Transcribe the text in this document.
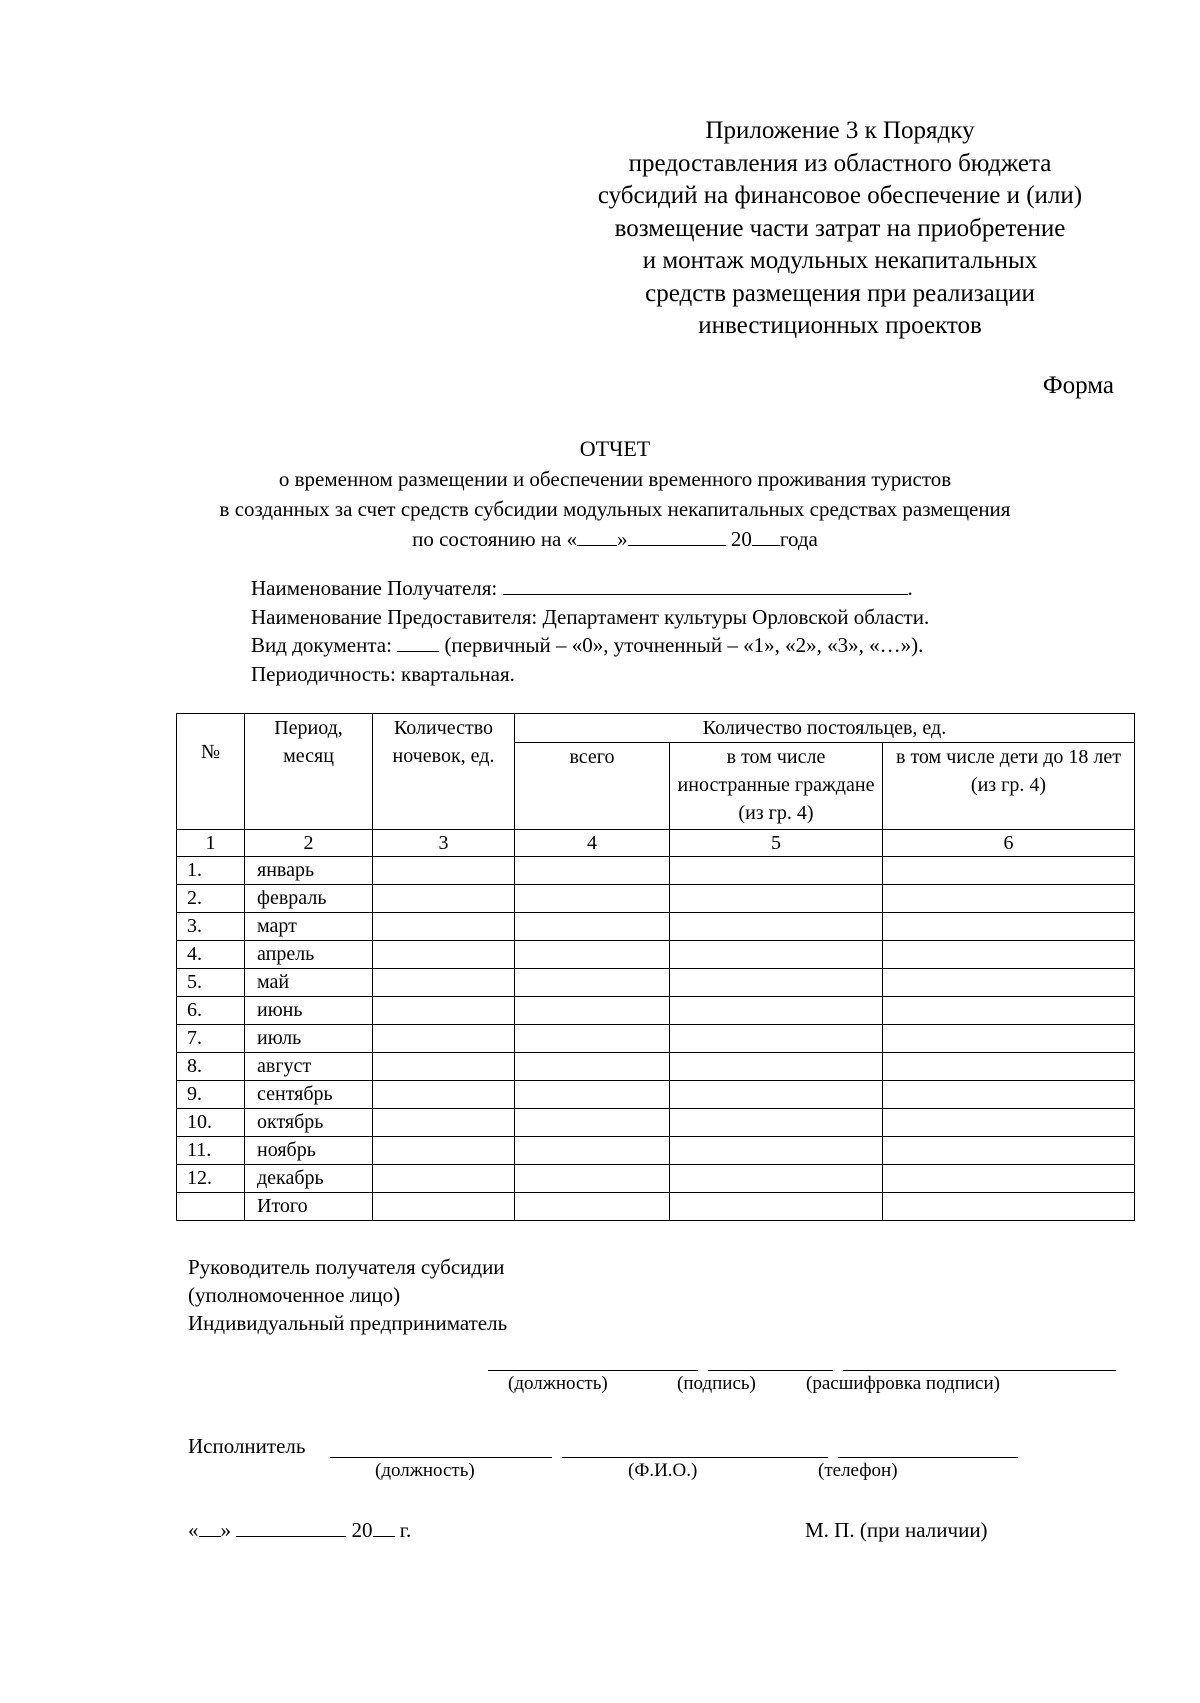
Приложение 3 к Порядку
предоставления из областного бюджета
субсидий на финансовое обеспечение и (или)
возмещение части затрат на приобретение
и монтаж модульных некапитальных
средств размещения при реализации
инвестиционных проектов
Форма
ОТЧЕТ
о временном размещении и обеспечении временного проживания туристов
в созданных за счет средств субсидии модульных некапитальных средствах размещения
по состоянию на « »	20 года
Наименование Получателя:	.
Наименование Предоставителя: Департамент культуры Орловской области.
Вид документа:	(первичный – «0», уточненный – «1», «2», «3», «…»).
Периодичность: квартальная.
№	Период, месяц	Количество ночевок, ед.	Количество постояльцев, ед.		
			всего	в том числе иностранные граждане (из гр. 4)	в том числе дети до 18 лет (из гр. 4)
1	2	3	4	5	6
1.	январь				
2.	февраль				
3.	март				
4.	апрель				
5.	май				
6.	июнь				
7.	июль				
8.	август				
9.	сентябрь				
10.	октябрь				
11.	ноябрь				
12.	декабрь				
	Итого				
Руководитель получателя субсидии
(уполномоченное лицо)
Индивидуальный предприниматель
(должность)	(подпись)	(расшифровка подписи)
Исполнитель
(должность)	(Ф.И.О.)	(телефон)
« »	20 г.	М. П. (при наличии)
